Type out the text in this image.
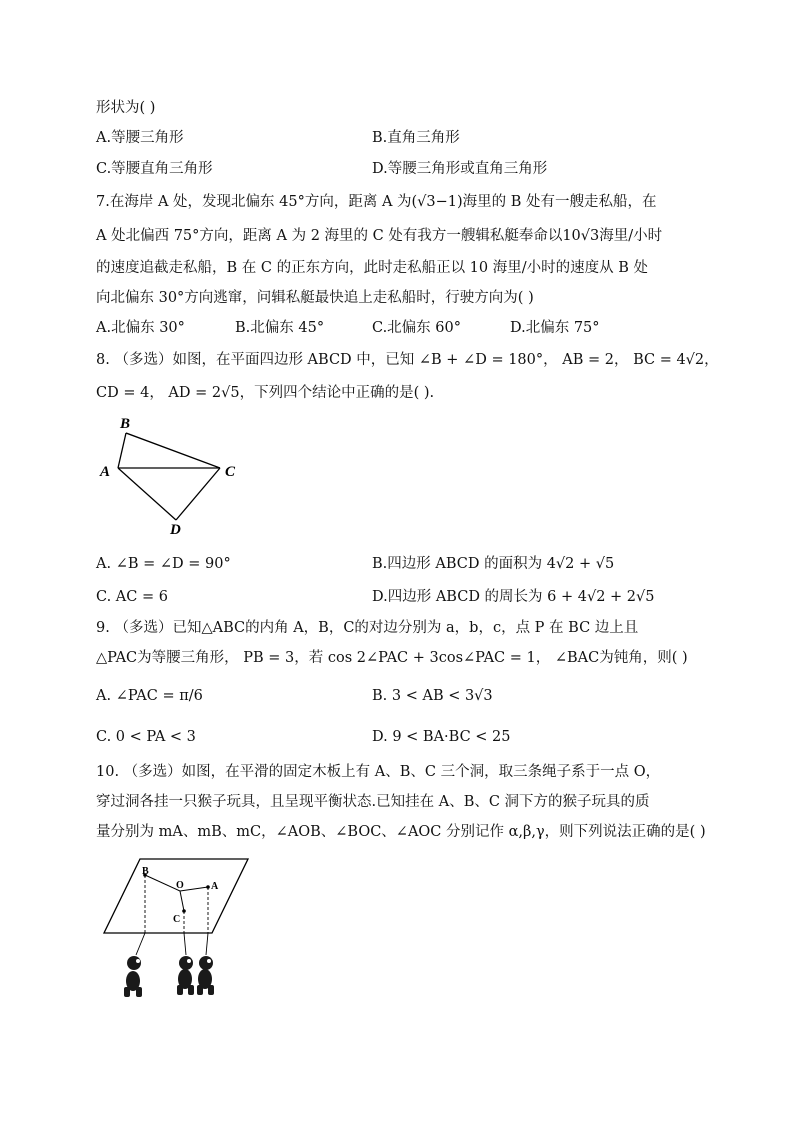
形状为( )
A.等腰三角形	B.直角三角形
C.等腰直角三角形	D.等腰三角形或直角三角形
7.在海岸 A 处，发现北偏东 45°方向，距离 A 为(√3−1)海里的 B 处有一艘走私船，在
A 处北偏西 75°方向，距离 A 为 2 海里的 C 处有我方一艘辑私艇奉命以10√3海里/小时
的速度追截走私船，B 在 C 的正东方向，此时走私船正以 10 海里/小时的速度从 B 处
向北偏东 30°方向逃窜，问辑私艇最快追上走私船时，行驶方向为( )
A.北偏东 30°	B.北偏东 45°	C.北偏东 60°	D.北偏东 75°
8. （多选）如图，在平面四边形 ABCD 中，已知 ∠B + ∠D = 180°， AB = 2， BC = 4√2，
CD = 4， AD = 2√5，下列四个结论中正确的是( ).
B
A	C
D
A. ∠B = ∠D = 90°	B.四边形 ABCD 的面积为 4√2 + √5
C. AC = 6	D.四边形 ABCD 的周长为 6 + 4√2 + 2√5
9. （多选）已知△ABC的内角 A，B，C的对边分别为 a，b，c，点 P 在 BC 边上且
△PAC为等腰三角形， PB = 3，若 cos 2∠PAC + 3cos∠PAC = 1， ∠BAC为钝角，则( )
A. ∠PAC = π/6	B. 3 < AB < 3√3
C. 0 < PA < 3	D. 9 < BA·BC < 25
10. （多选）如图，在平滑的固定木板上有 A、B、C 三个洞，取三条绳子系于一点 O，
穿过洞各挂一只猴子玩具，且呈现平衡状态.已知挂在 A、B、C 洞下方的猴子玩具的质
量分别为 mA、mB、mC，∠AOB、∠BOC、∠AOC 分别记作 α,β,γ，则下列说法正确的是( )
B
O	A
C
